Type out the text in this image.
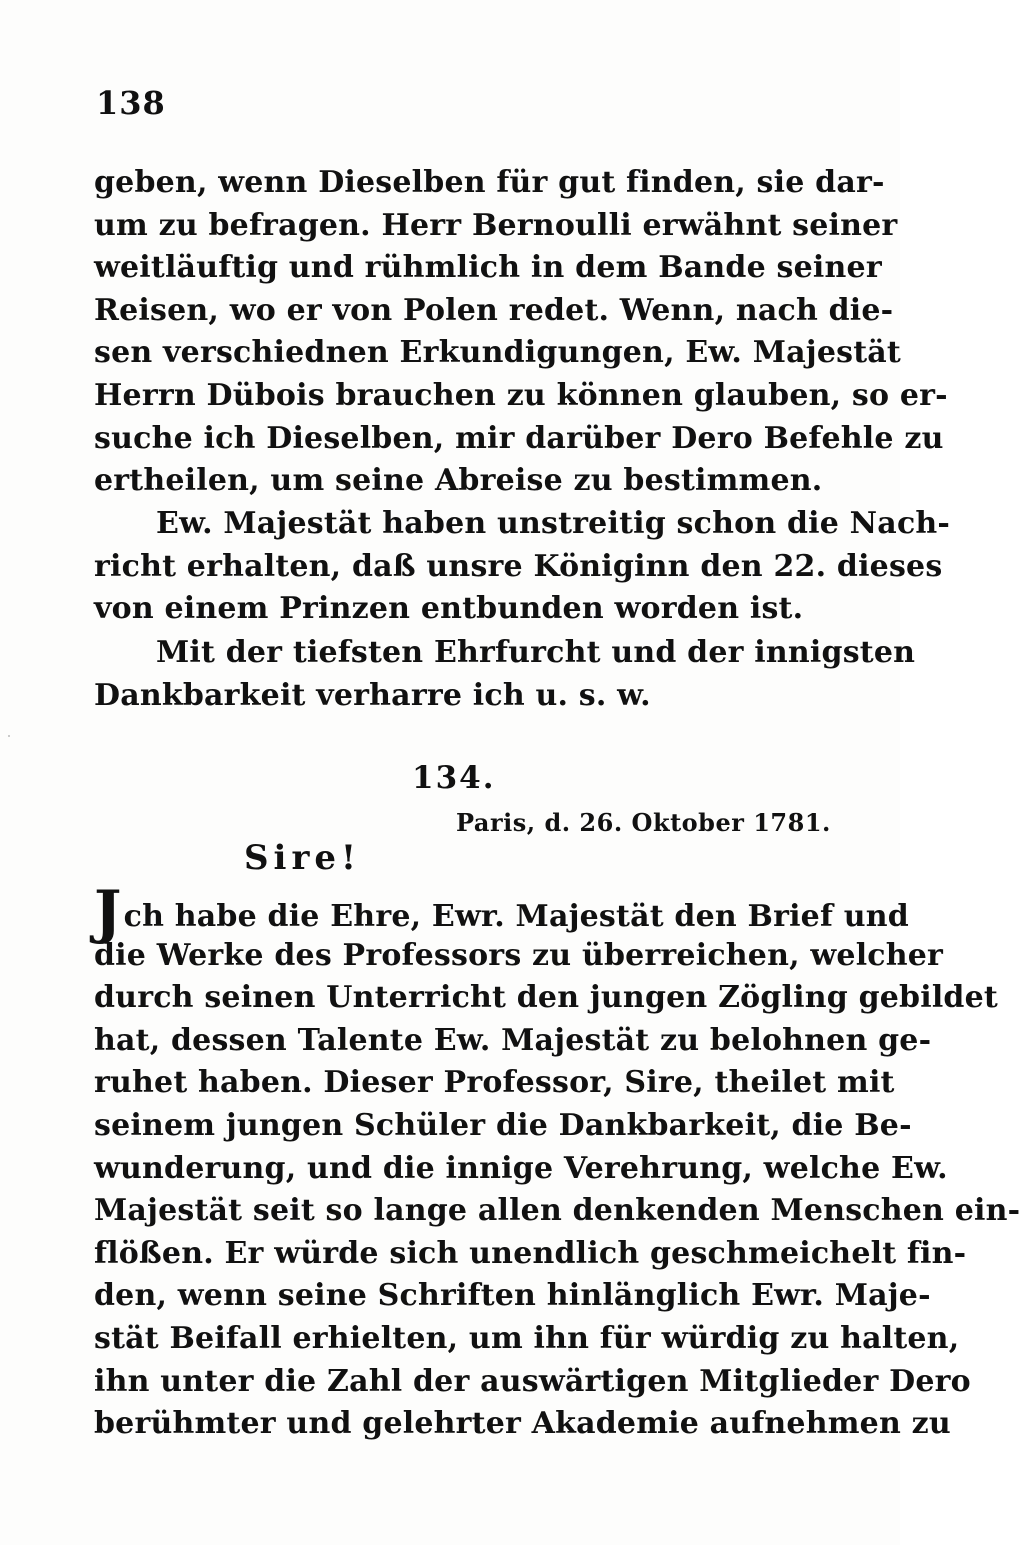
138
geben, wenn Dieselben für gut finden, sie dar-
um zu befragen. Herr Bernoulli erwähnt seiner
weitläuftig und rühmlich in dem Bande seiner
Reisen, wo er von Polen redet. Wenn, nach die-
sen verschiednen Erkundigungen, Ew. Majestät
Herrn Dübois brauchen zu können glauben, so er-
suche ich Dieselben, mir darüber Dero Befehle zu
ertheilen, um seine Abreise zu bestimmen.
Ew. Majestät haben unstreitig schon die Nach-
richt erhalten, daß unsre Königinn den 22. dieses
von einem Prinzen entbunden worden ist.
Mit der tiefsten Ehrfurcht und der innigsten
Dankbarkeit verharre ich u. s. w.
134.
Paris, d. 26. Oktober 1781.
Sire!
Jch habe die Ehre, Ewr. Majestät den Brief und
die Werke des Professors zu überreichen, welcher
durch seinen Unterricht den jungen Zögling gebildet
hat, dessen Talente Ew. Majestät zu belohnen ge-
ruhet haben. Dieser Professor, Sire, theilet mit
seinem jungen Schüler die Dankbarkeit, die Be-
wunderung, und die innige Verehrung, welche Ew.
Majestät seit so lange allen denkenden Menschen ein-
flößen. Er würde sich unendlich geschmeichelt fin-
den, wenn seine Schriften hinlänglich Ewr. Maje-
stät Beifall erhielten, um ihn für würdig zu halten,
ihn unter die Zahl der auswärtigen Mitglieder Dero
berühmter und gelehrter Akademie aufnehmen zu
